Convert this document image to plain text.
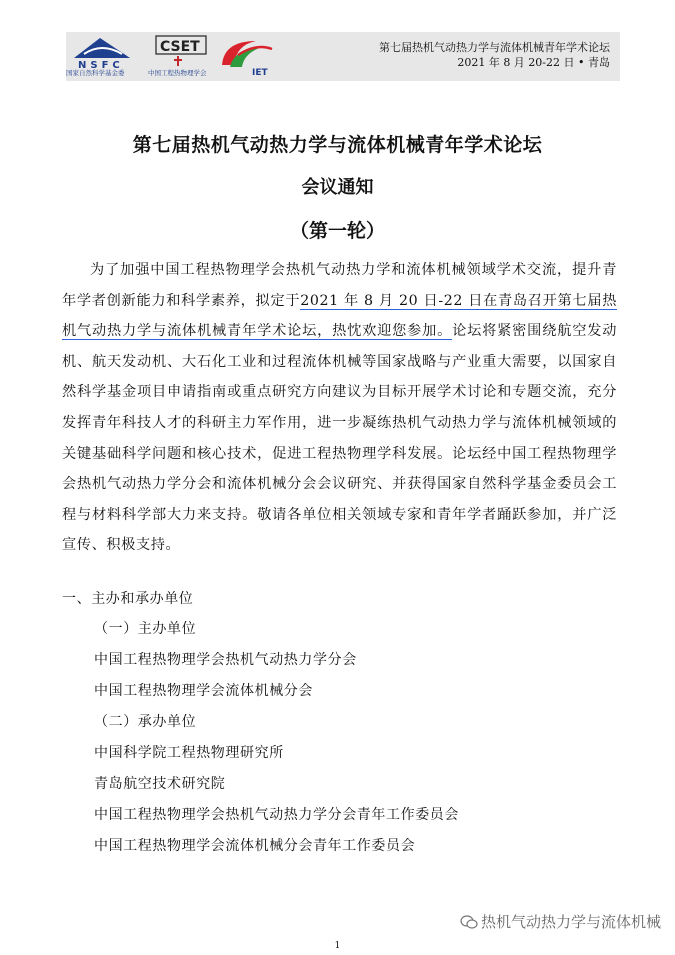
NSFC
国家自然科学基金委
CSET
中国工程热物理学会	IET
第七届热机气动热力学与流体机械青年学术论坛
2021 年 8 月 20-22 日 • 青岛
第七届热机气动热力学与流体机械青年学术论坛
会议通知
（第一轮）
为了加强中国工程热物理学会热机气动热力学和流体机械领域学术交流，提升青年学者创新能力和科学素养，拟定于2021 年 8 月 20 日-22 日在青岛召开第七届热机气动热力学与流体机械青年学术论坛，热忱欢迎您参加。论坛将紧密围绕航空发动机、航天发动机、大石化工业和过程流体机械等国家战略与产业重大需要，以国家自然科学基金项目申请指南或重点研究方向建议为目标开展学术讨论和专题交流，充分发挥青年科技人才的科研主力军作用，进一步凝练热机气动热力学与流体机械领域的关键基础科学问题和核心技术，促进工程热物理学科发展。论坛经中国工程热物理学会热机气动热力学分会和流体机械分会会议研究、并获得国家自然科学基金委员会工程与材料科学部大力来支持。敬请各单位相关领域专家和青年学者踊跃参加，并广泛宣传、积极支持。
一、主办和承办单位
（一）主办单位
中国工程热物理学会热机气动热力学分会
中国工程热物理学会流体机械分会
（二）承办单位
中国科学院工程热物理研究所
青岛航空技术研究院
中国工程热物理学会热机气动热力学分会青年工作委员会
中国工程热物理学会流体机械分会青年工作委员会
热机气动热力学与流体机械
1
